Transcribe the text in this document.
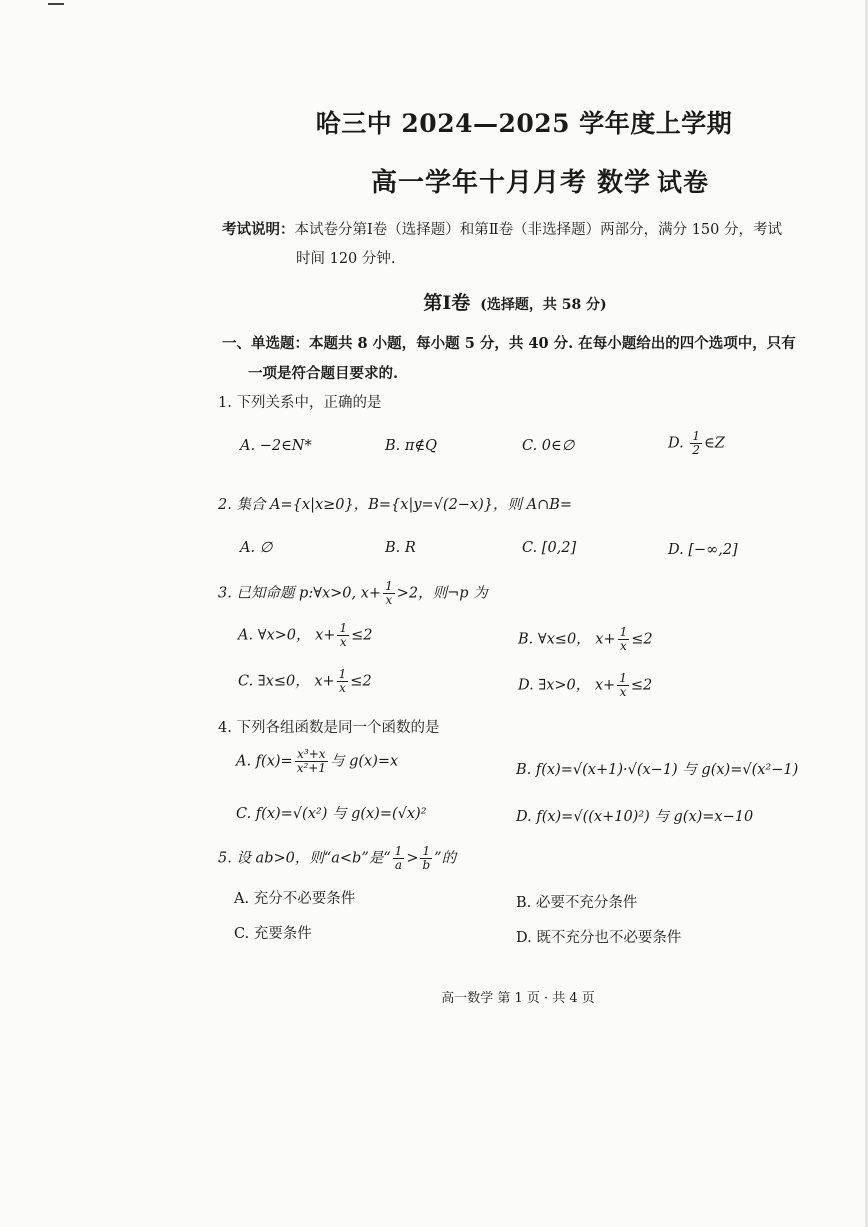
哈三中 2024—2025 学年度上学期
高一学年十月月考 数学 试卷
考试说明：本试卷分第Ⅰ卷（选择题）和第Ⅱ卷（非选择题）两部分，满分 150 分，考试
时间 120 分钟.
第Ⅰ卷 (选择题，共 58 分)
一、单选题：本题共 8 小题，每小题 5 分，共 40 分. 在每小题给出的四个选项中，只有
一项是符合题目要求的.
1. 下列关系中，正确的是
A. −2∈N*	B. π∉Q	C. 0∈∅	D. $\frac{1}{2}$ ∈Z
2. 集合 A={x|x≥0}，B={x|y=√(2−x)}，则 A∩B=
A. ∅	B. R	C. [0,2]	D. [−∞,2]
3. 已知命题 p:∀x>0, $x+ \frac{1}{x} >2$，则¬p 为
A. ∀x>0， $x+ \frac{1}{x} \le 2$	B. ∀x≤0， $x+ \frac{1}{x} \le 2$
C. ∃x≤0， $x+ \frac{1}{x} \le 2$	D. ∃x>0， $x+ \frac{1}{x} \le 2$
4. 下列各组函数是同一个函数的是
A. $f(x)= \frac{\text{x³+x}}{\text{x²+1}}$ 与 g(x)=x
B. f(x)=√(x+1)·√(x−1) 与 g(x)=√(x²−1)
C. f(x)=√(x²) 与 g(x)=(√x)²	D. f(x)=√((x+10)²) 与 g(x)=x−10
5. 设 ab>0，则“a<b”是“ $\frac{1}{a} > \frac{1}{b}$ ”的
A. 充分不必要条件	B. 必要不充分条件
C. 充要条件	D. 既不充分也不必要条件
高一数学 第 1 页 · 共 4 页
